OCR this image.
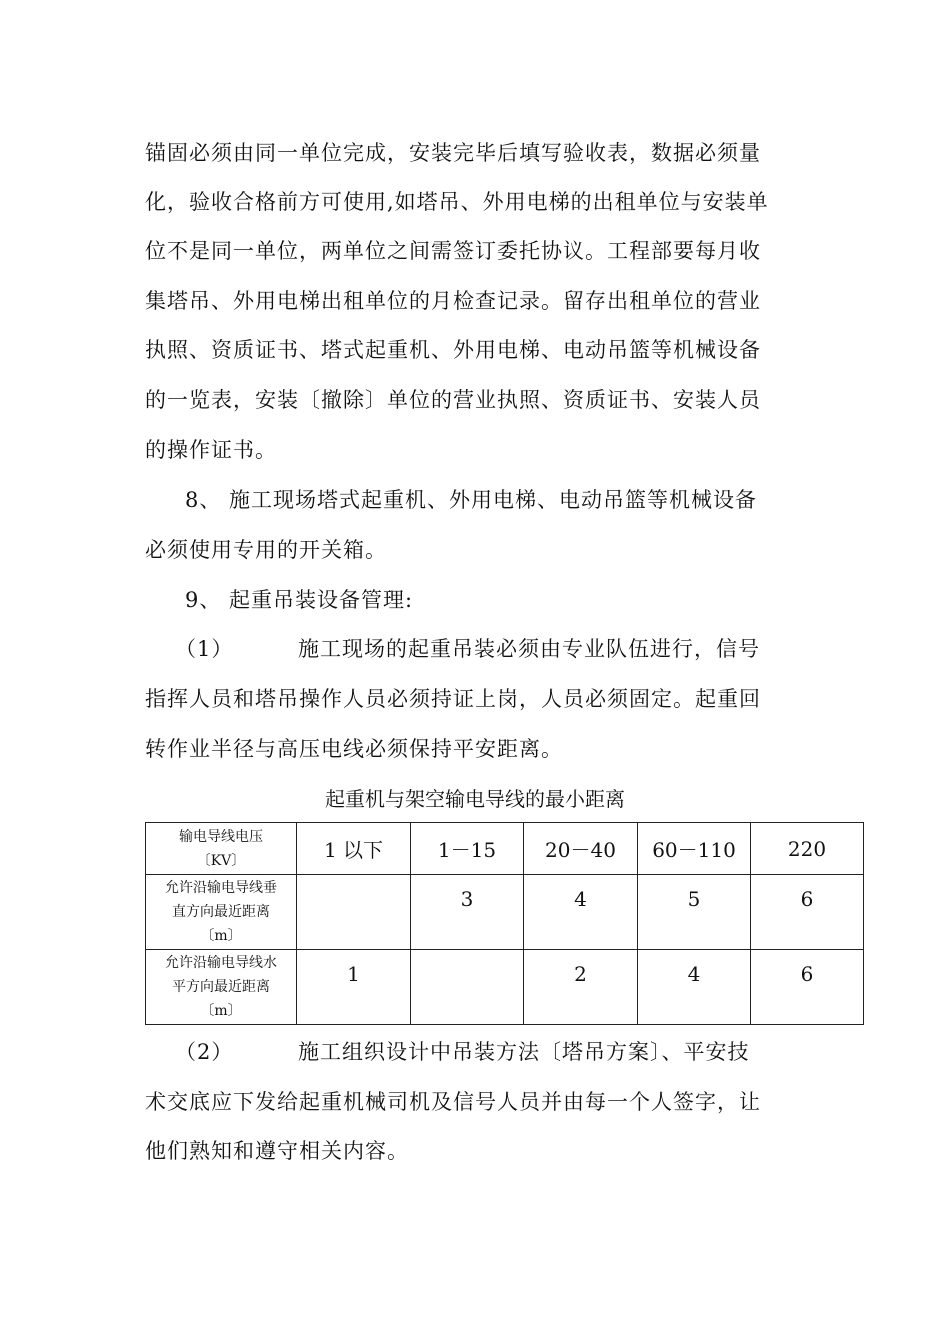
锚固必须由同一单位完成，安装完毕后填写验收表，数据必须量
化，验收合格前方可使用,如塔吊、外用电梯的出租单位与安装单
位不是同一单位，两单位之间需签订委托协议。工程部要每月收
集塔吊、外用电梯出租单位的月检查记录。留存出租单位的营业
执照、资质证书、塔式起重机、外用电梯、电动吊篮等机械设备
的一览表，安装〔撤除〕单位的营业执照、资质证书、安装人员
的操作证书。
8、 施工现场塔式起重机、外用电梯、电动吊篮等机械设备
必须使用专用的开关箱。
9、 起重吊装设备管理:
（1）	施工现场的起重吊装必须由专业队伍进行，信号
指挥人员和塔吊操作人员必须持证上岗，人员必须固定。起重回
转作业半径与高压电线必须保持平安距离。
起重机与架空输电导线的最小距离
输电导线电压
〔KV〕	1 以下	1－15	20－40	60－110	220

允许沿输电导线垂
直方向最近距离
〔m〕		3	4	5	6

允许沿输电导线水
平方向最近距离
〔m〕	1		2	4	6
（2）	施工组织设计中吊装方法〔塔吊方案〕、平安技
术交底应下发给起重机械司机及信号人员并由每一个人签字，让
他们熟知和遵守相关内容。
